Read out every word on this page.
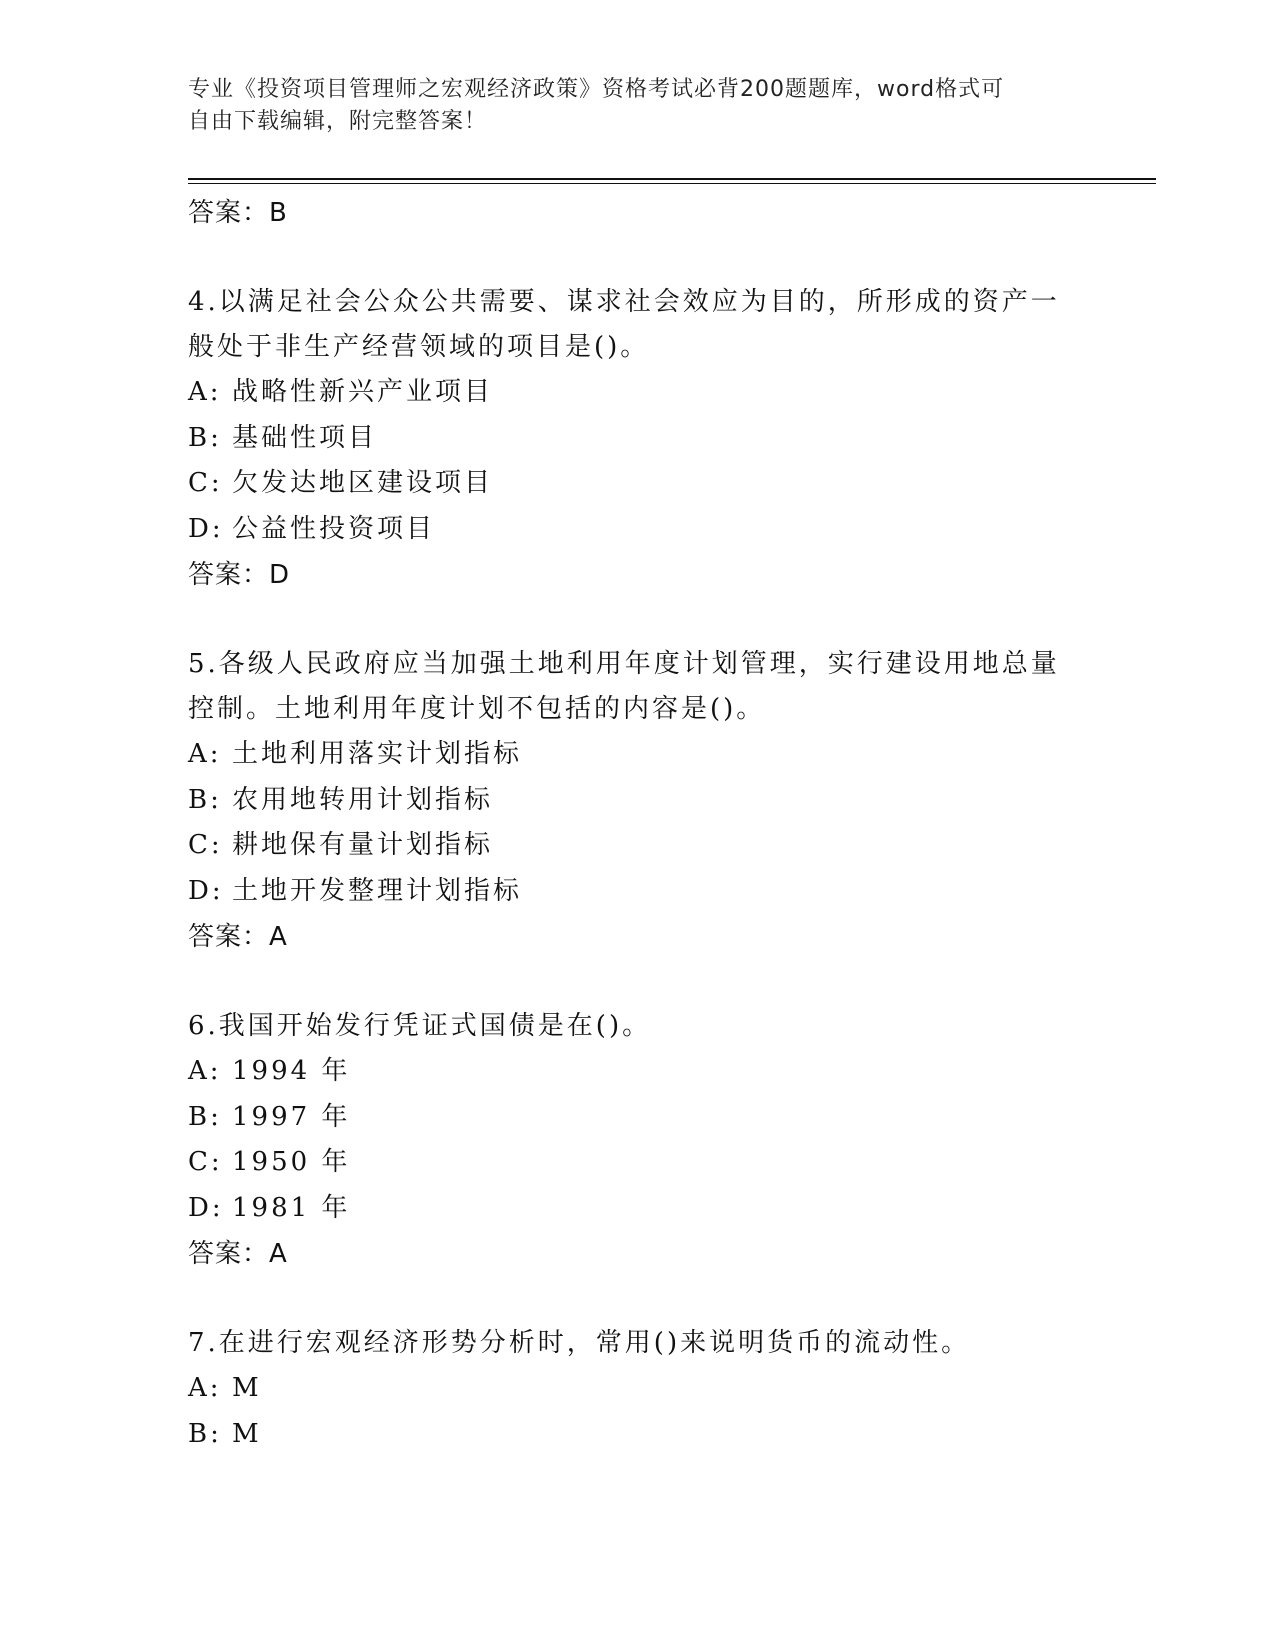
专业《投资项目管理师之宏观经济政策》资格考试必背200题题库，word格式可
自由下载编辑，附完整答案！

答案：B

4.以满足社会公众公共需要、谋求社会效应为目的，所形成的资产一

般处于非生产经营领域的项目是()。

A: 战略性新兴产业项目

B: 基础性项目

C: 欠发达地区建设项目

D: 公益性投资项目

答案：D

5.各级人民政府应当加强土地利用年度计划管理，实行建设用地总量

控制。土地利用年度计划不包括的内容是()。

A: 土地利用落实计划指标

B: 农用地转用计划指标

C: 耕地保有量计划指标

D: 土地开发整理计划指标

答案：A

6.我国开始发行凭证式国债是在()。

A: 1994 年

B: 1997 年

C: 1950 年

D: 1981 年

答案：A

7.在进行宏观经济形势分析时，常用()来说明货币的流动性。

A: M

B: M
